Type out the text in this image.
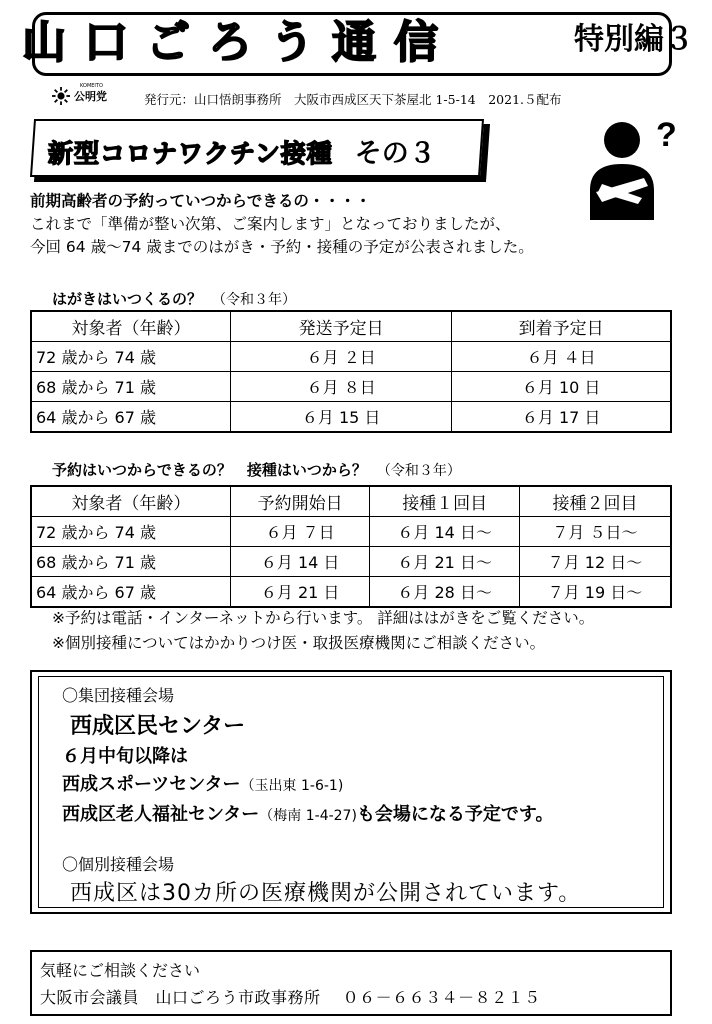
山口ごろう通信	特別編３
KOMEITO
公明党	発行元：山口悟朗事務所　大阪市西成区天下茶屋北 1-5-14　2021.５配布
新型コロナワクチン接種 その３	?
前期高齢者の予約っていつからできるの・・・・
これまで「準備が整い次第、ご案内します」となっておりましたが、
今回 64 歳～74 歳までのはがき・予約・接種の予定が公表されました。
はがきはいつくるの？ （令和３年）
対象者（年齢）	発送予定日	到着予定日
72 歳から 74 歳	６月 ２日	６月 ４日
68 歳から 71 歳	６月 ８日	６月 10 日
64 歳から 67 歳	６月 15 日	６月 17 日
予約はいつからできるの？　接種はいつから？ （令和３年）
対象者（年齢）	予約開始日	接種１回目	接種２回目
72 歳から 74 歳	６月 ７日	６月 14 日～	７月 ５日～
68 歳から 71 歳	６月 14 日	６月 21 日～	７月 12 日～
64 歳から 67 歳	６月 21 日	６月 28 日～	７月 19 日～
※予約は電話・インターネットから行います。 詳細ははがきをご覧ください。
※個別接種についてはかかりつけ医・取扱医療機関にご相談ください。
〇集団接種会場
西成区民センター
６月中旬以降は
西成スポーツセンター（玉出東 1-6-1)
西成区老人福祉センター（梅南 1-4-27)も会場になる予定です。
〇個別接種会場
西成区は30カ所の医療機関が公開されています。
気軽にご相談ください
大阪市会議員　山口ごろう市政事務所　 ０６－６６３４－８２１５
